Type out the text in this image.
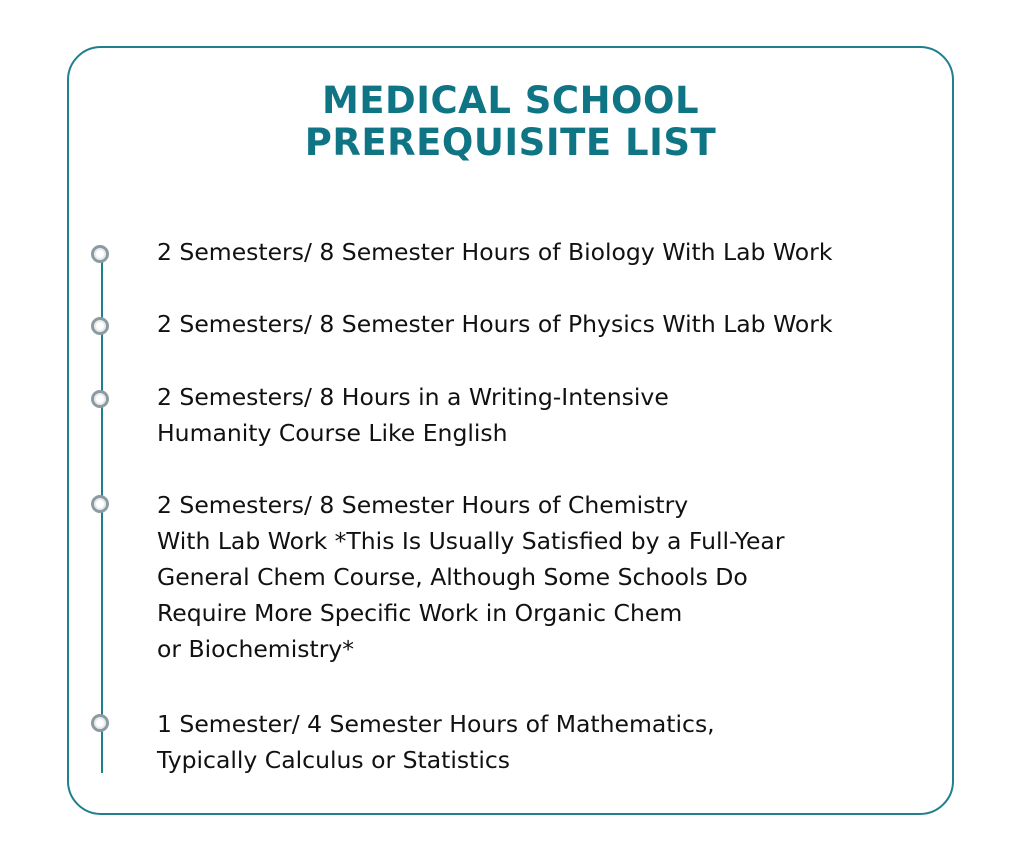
MEDICAL SCHOOL
PREREQUISITE LIST
2 Semesters/ 8 Semester Hours of Biology With Lab Work
2 Semesters/ 8 Semester Hours of Physics With Lab Work
2 Semesters/ 8 Hours in a Writing-Intensive
Humanity Course Like English
2 Semesters/ 8 Semester Hours of Chemistry
With Lab Work *This Is Usually Satisfied by a Full-Year
General Chem Course, Although Some Schools Do
Require More Specific Work in Organic Chem
or Biochemistry*
1 Semester/ 4 Semester Hours of Mathematics,
Typically Calculus or Statistics
